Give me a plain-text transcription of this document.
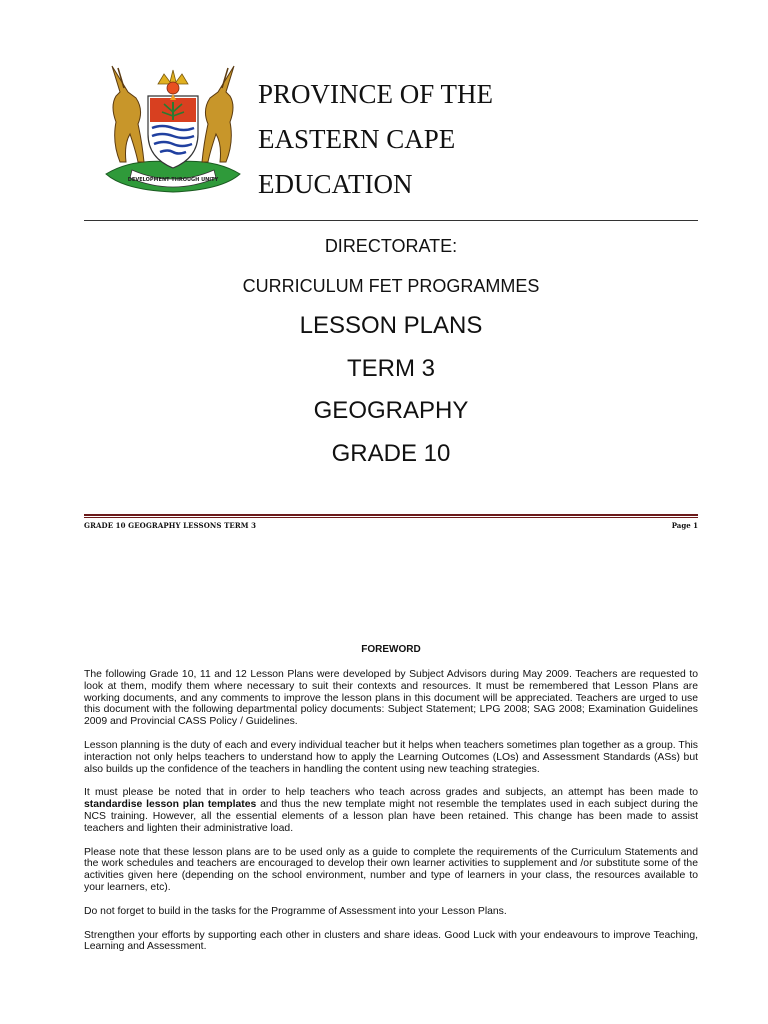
DEVELOPMENT THROUGH UNITY
PROVINCE OF THE
EASTERN CAPE
EDUCATION
DIRECTORATE:
CURRICULUM FET PROGRAMMES
LESSON PLANS
TERM 3
GEOGRAPHY
GRADE 10
GRADE 10 GEOGRAPHY LESSONS TERM 3	Page 1
FOREWORD

The following Grade 10, 11 and 12 Lesson Plans were developed by Subject Advisors during May 2009. Teachers are requested to look at them, modify them where necessary to suit their contexts and resources. It must be remembered that Lesson Plans are working documents, and any comments to improve the lesson plans in this document will be appreciated. Teachers are urged to use this document with the following departmental policy documents: Subject Statement; LPG 2008; SAG 2008; Examination Guidelines 2009 and Provincial CASS Policy / Guidelines.

Lesson planning is the duty of each and every individual teacher but it helps when teachers sometimes plan together as a group. This interaction not only helps teachers to understand how to apply the Learning Outcomes (LOs) and Assessment Standards (ASs) but also builds up the confidence of the teachers in handling the content using new teaching strategies.

It must please be noted that in order to help teachers who teach across grades and subjects, an attempt has been made to standardise lesson plan templates and thus the new template might not resemble the templates used in each subject during the NCS training. However, all the essential elements of a lesson plan have been retained. This change has been made to assist teachers and lighten their administrative load.

Please note that these lesson plans are to be used only as a guide to complete the requirements of the Curriculum Statements and the work schedules and teachers are encouraged to develop their own learner activities to supplement and /or substitute some of the activities given here (depending on the school environment, number and type of learners in your class, the resources available to your learners, etc).

Do not forget to build in the tasks for the Programme of Assessment into your Lesson Plans.

Strengthen your efforts by supporting each other in clusters and share ideas. Good Luck with your endeavours to improve Teaching, Learning and Assessment.
